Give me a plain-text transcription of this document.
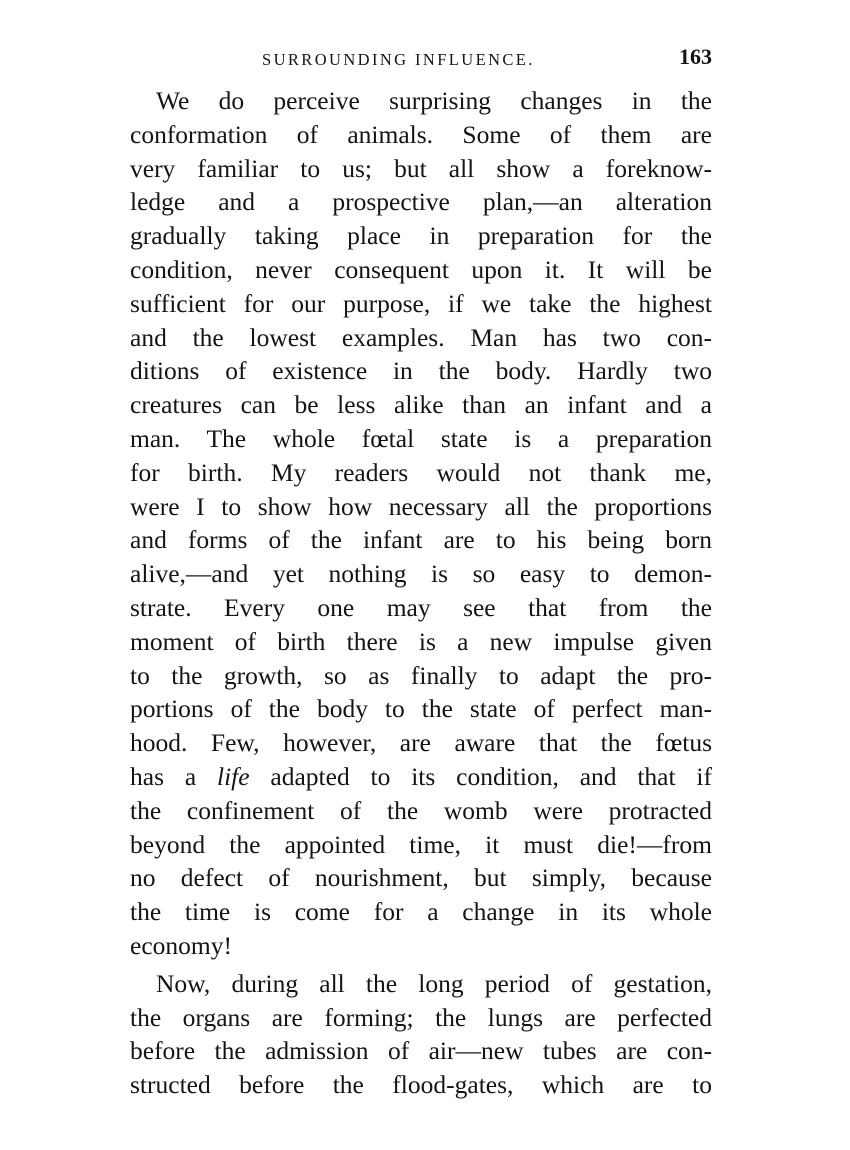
SURROUNDING INFLUENCE.	163
We do perceive surprising changes in the
conformation of animals. Some of them are
very familiar to us; but all show a foreknow-
ledge and a prospective plan,—an alteration
gradually taking place in preparation for the
condition, never consequent upon it. It will be
sufficient for our purpose, if we take the highest
and the lowest examples. Man has two con-
ditions of existence in the body. Hardly two
creatures can be less alike than an infant and a
man. The whole fœtal state is a preparation
for birth. My readers would not thank me,
were I to show how necessary all the proportions
and forms of the infant are to his being born
alive,—and yet nothing is so easy to demon-
strate. Every one may see that from the
moment of birth there is a new impulse given
to the growth, so as finally to adapt the pro-
portions of the body to the state of perfect man-
hood. Few, however, are aware that the fœtus
has a life adapted to its condition, and that if
the confinement of the womb were protracted
beyond the appointed time, it must die!—from
no defect of nourishment, but simply, because
the time is come for a change in its whole
economy!
Now, during all the long period of gestation,
the organs are forming; the lungs are perfected
before the admission of air—new tubes are con-
structed before the flood-gates, which are to
